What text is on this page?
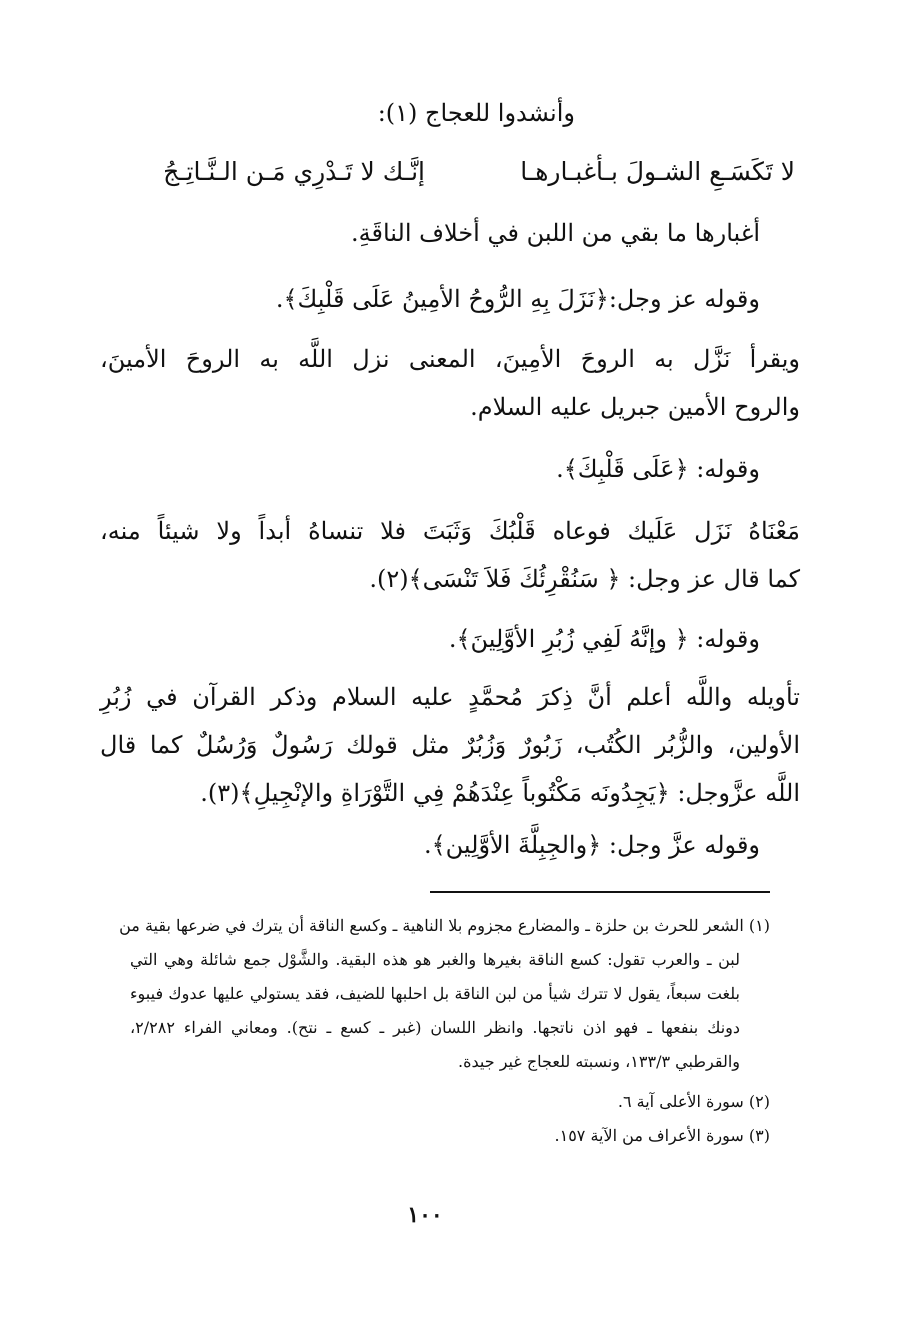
وأنشدوا للعجاج (١):
لا تَكَسَـعِ الشـولَ بـأغبـارهـا
إنَّـك لا تَـدْرِي مَـن الـنَّـاتِـجُ
أغبارها ما بقي من اللبن في أخلاف الناقَةِ.
وقوله عز وجل:﴿نَزَلَ بِهِ الرُّوحُ الأمِينُ عَلَى قَلْبِكَ﴾.
ويقرأ نَزَّل به الروحَ الأمِينَ، المعنى نزل اللَّه به الروحَ الأمينَ،
والروح الأمين جبريل عليه السلام.
وقوله: ﴿عَلَى قَلْبِكَ﴾.
مَعْنَاهُ نَزَل عَلَيك فوعاه قَلْبُكَ وَثَبَتَ فلا تنساهُ أبداً ولا شيئاً منه،
كما قال عز وجل: ﴿ سَنُقْرِئُكَ فَلاَ تَنْسَى﴾(٢).
وقوله: ﴿ وإنَّهُ لَفِي زُبُرِ الأوَّلِينَ﴾.
تأويله واللَّه أعلم أنَّ ذِكرَ مُحمَّدٍ عليه السلام وذكر القرآن في زُبُرِ
الأولين، والزُّبُر الكُتُب، زَبُورٌ وَزُبُرٌ مثل قولك رَسُولٌ وَرُسُلٌ كما قال
اللَّه عزَّوجل: ﴿يَجِدُونَه مَكْتُوباً عِنْدَهُمْ فِي التَّوْرَاةِ والإنْجِيلِ﴾(٣).
وقوله عزَّ وجل: ﴿والجِبِلَّةَ الأوَّلِين﴾.
(١) الشعر للحرث بن حلزة ـ والمضارع مجزوم بلا الناهية ـ وكسع الناقة أن يترك في ضرعها بقية من
لبن ـ والعرب تقول: كسع الناقة بغيرها والغبر هو هذه البقية. والشَّوْل جمع شائلة وهي التي
بلغت سبعاً، يقول لا تترك شيأ من لبن الناقة بل احلبها للضيف، فقد يستولي عليها عدوك فيبوء
دونك بنفعها ـ فهو اذن ناتجها. وانظر اللسان (غبر ـ كسع ـ نتح). ومعاني الفراء ٢/٢٨٢،
والقرطبي ١٣٣/٣، ونسبته للعجاج غير جيدة.
(٢) سورة الأعلى آية ٦.
(٣) سورة الأعراف من الآية ١٥٧.
١٠٠
